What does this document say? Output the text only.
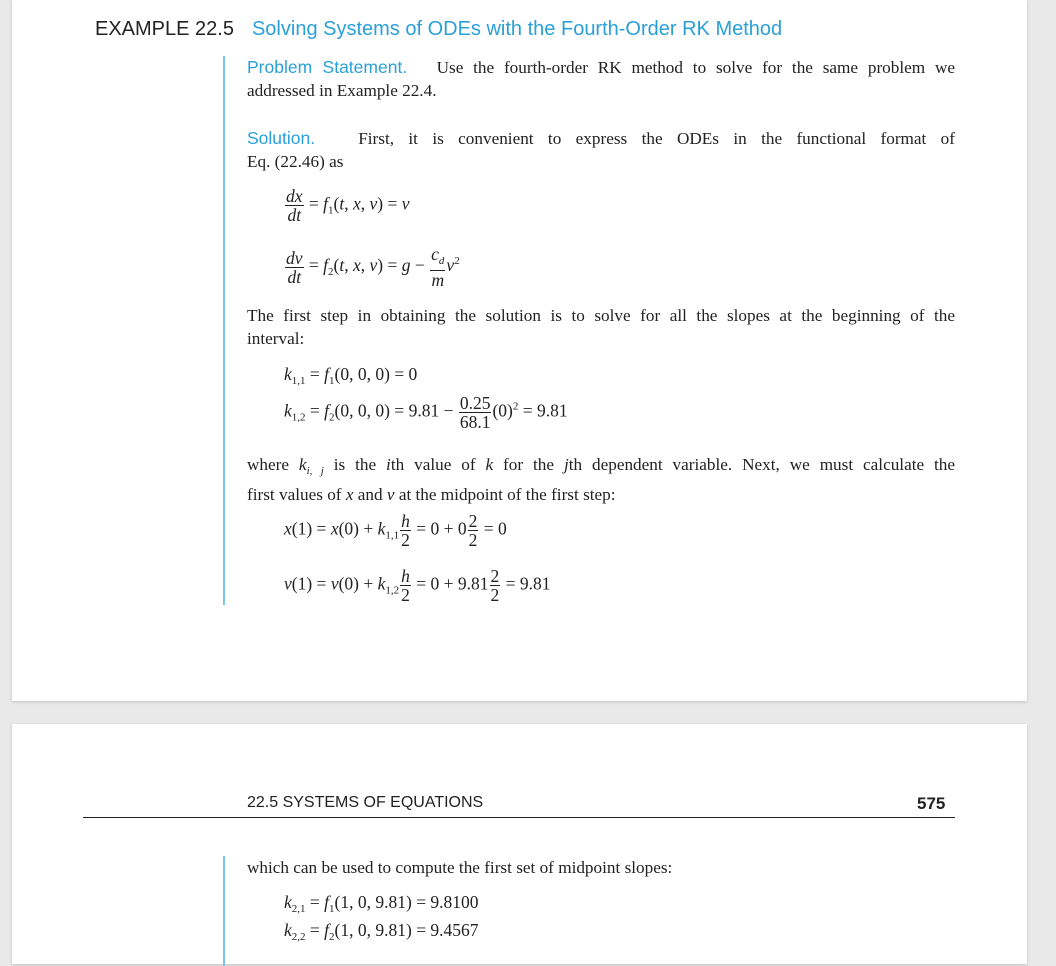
EXAMPLE 22.5 Solving Systems of ODEs with the Fourth-Order RK Method
Problem Statement. Use the fourth-order RK method to solve for the same problem we
addressed in Example 22.4.
Solution.	First, it is convenient to express the ODEs in the functional format of
Eq. (22.46) as
$\frac{dx}{dt} = f_1(t$, x, v) = v
$\frac{dv}{dt} = f_2(t$, x, $v) = g - \frac{c_d}{m} v^2$
The first step in obtaining the solution is to solve for all the slopes at the beginning of the
interval:
$k_{1,1} = f_1(0$, 0, 0) = 0
$k_{1,2} = f_2(0$, 0, $0) = 9.81 - \frac{0.25}{68.1} (0)^2 = 9.81$
where $k_{i, j}$ is the ith value of k for the jth dependent variable. Next, we must calculate the
first values of x and v at the midpoint of the first step:
$x(1) = x(0) + k_{1,1} \frac{h}{2} = 0 + 0 \frac{2}{2} = 0$
$v(1) = v(0) + k_{1,2} \frac{h}{2} = 0 + 9.81 \frac{2}{2} = 9.81$
22.5 SYSTEMS OF EQUATIONS	575
which can be used to compute the first set of midpoint slopes:
$k_{2,1} = f_1(1$, 0, 9.81) = 9.8100
$k_{2,2} = f_2(1$, 0, 9.81) = 9.4567
